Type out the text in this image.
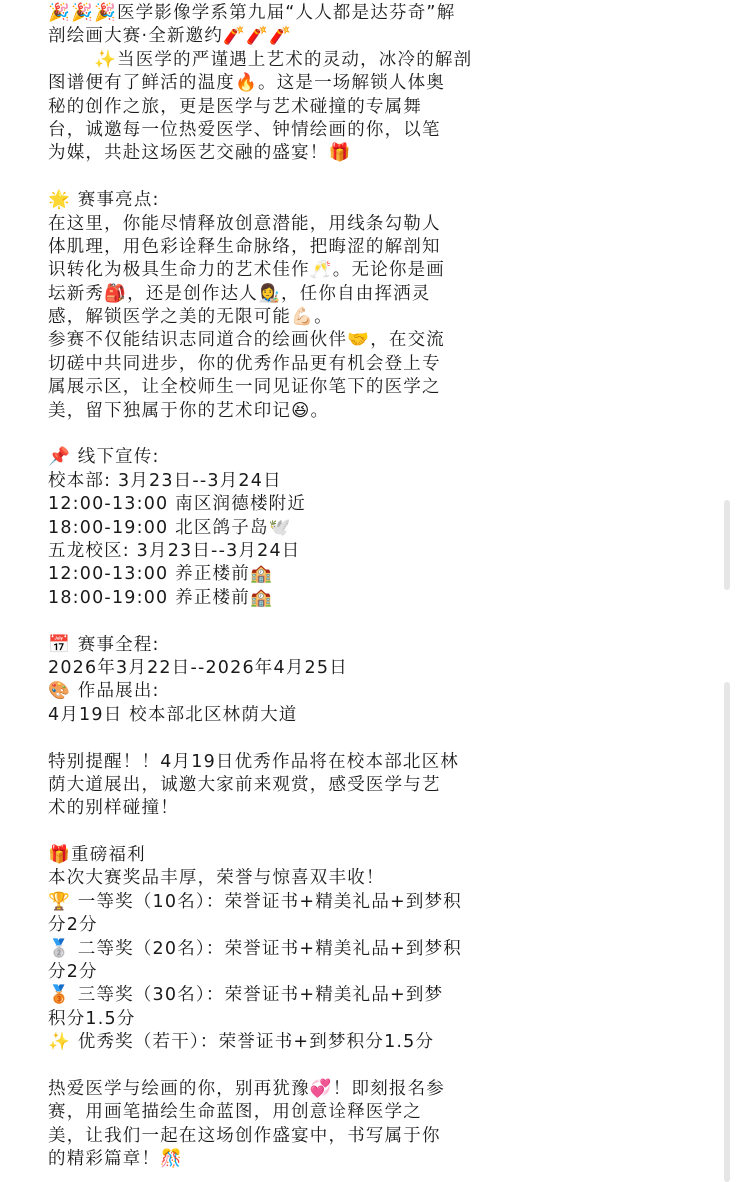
🎉🎉🎉医学影像学系第九届“人人都是达芬奇”解
剖绘画大赛·全新邀约🧨🧨🧨
✨当医学的严谨遇上艺术的灵动，冰冷的解剖
图谱便有了鲜活的温度🔥。这是一场解锁人体奥
秘的创作之旅，更是医学与艺术碰撞的专属舞
台，诚邀每一位热爱医学、钟情绘画的你，以笔
为媒，共赴这场医艺交融的盛宴！🎁
🌟 赛事亮点:
在这里，你能尽情释放创意潜能，用线条勾勒人
体肌理，用色彩诠释生命脉络，把晦涩的解剖知
识转化为极具生命力的艺术佳作🥂。无论你是画
坛新秀🎒，还是创作达人👩‍🎨，任你自由挥洒灵
感，解锁医学之美的无限可能💪🏻。
参赛不仅能结识志同道合的绘画伙伴🤝，在交流
切磋中共同进步，你的优秀作品更有机会登上专
属展示区，让全校师生一同见证你笔下的医学之
美，留下独属于你的艺术印记😆。
📌 线下宣传:
校本部: 3月23日--3月24日
12:00-13:00 南区润德楼附近
18:00-19:00 北区鸽子岛🕊️
五龙校区: 3月23日--3月24日
12:00-13:00 养正楼前🏫
18:00-19:00 养正楼前🏫
📅 赛事全程:
2026年3月22日--2026年4月25日
🎨 作品展出:
4月19日 校本部北区林荫大道
特别提醒！！4月19日优秀作品将在校本部北区林
荫大道展出，诚邀大家前来观赏，感受医学与艺
术的别样碰撞！
🎁重磅福利
本次大赛奖品丰厚，荣誉与惊喜双丰收！
🏆 一等奖（10名）：荣誉证书+精美礼品+到梦积
分2分
🥈 二等奖（20名）：荣誉证书+精美礼品+到梦积
分2分
🥉 三等奖（30名）：荣誉证书+精美礼品+到梦
积分1.5分
✨ 优秀奖（若干）：荣誉证书+到梦积分1.5分
热爱医学与绘画的你，别再犹豫💞！即刻报名参
赛，用画笔描绘生命蓝图，用创意诠释医学之
美，让我们一起在这场创作盛宴中，书写属于你
的精彩篇章！🎊
